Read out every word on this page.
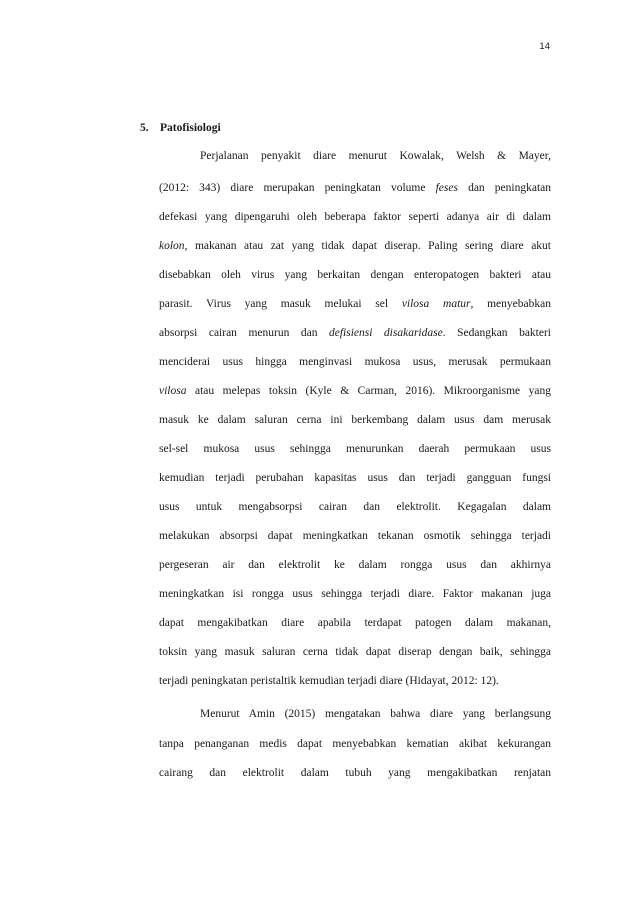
14
5. Patofisiologi
Perjalanan penyakit diare menurut Kowalak, Welsh & Mayer,
(2012: 343) diare merupakan peningkatan volume feses dan peningkatan
defekasi yang dipengaruhi oleh beberapa faktor seperti adanya air di dalam
kolon, makanan atau zat yang tidak dapat diserap. Paling sering diare akut
disebabkan oleh virus yang berkaitan dengan enteropatogen bakteri atau
parasit. Virus yang masuk melukai sel vilosa matur, menyebabkan
absorpsi cairan menurun dan defisiensi disakaridase. Sedangkan bakteri
menciderai usus hingga menginvasi mukosa usus, merusak permukaan
vilosa atau melepas toksin (Kyle & Carman, 2016). Mikroorganisme yang
masuk ke dalam saluran cerna ini berkembang dalam usus dam merusak
sel-sel mukosa usus sehingga menurunkan daerah permukaan usus
kemudian terjadi perubahan kapasitas usus dan terjadi gangguan fungsi
usus untuk mengabsorpsi cairan dan elektrolit. Kegagalan dalam
melakukan absorpsi dapat meningkatkan tekanan osmotik sehingga terjadi
pergeseran air dan elektrolit ke dalam rongga usus dan akhirnya
meningkatkan isi rongga usus sehingga terjadi diare. Faktor makanan juga
dapat mengakibatkan diare apabila terdapat patogen dalam makanan,
toksin yang masuk saluran cerna tidak dapat diserap dengan baik, sehingga
terjadi peningkatan peristaltik kemudian terjadi diare (Hidayat, 2012: 12).
Menurut Amin (2015) mengatakan bahwa diare yang berlangsung
tanpa penanganan medis dapat menyebabkan kematian akibat kekurangan
cairang dan elektrolit dalam tubuh yang mengakibatkan renjatan
